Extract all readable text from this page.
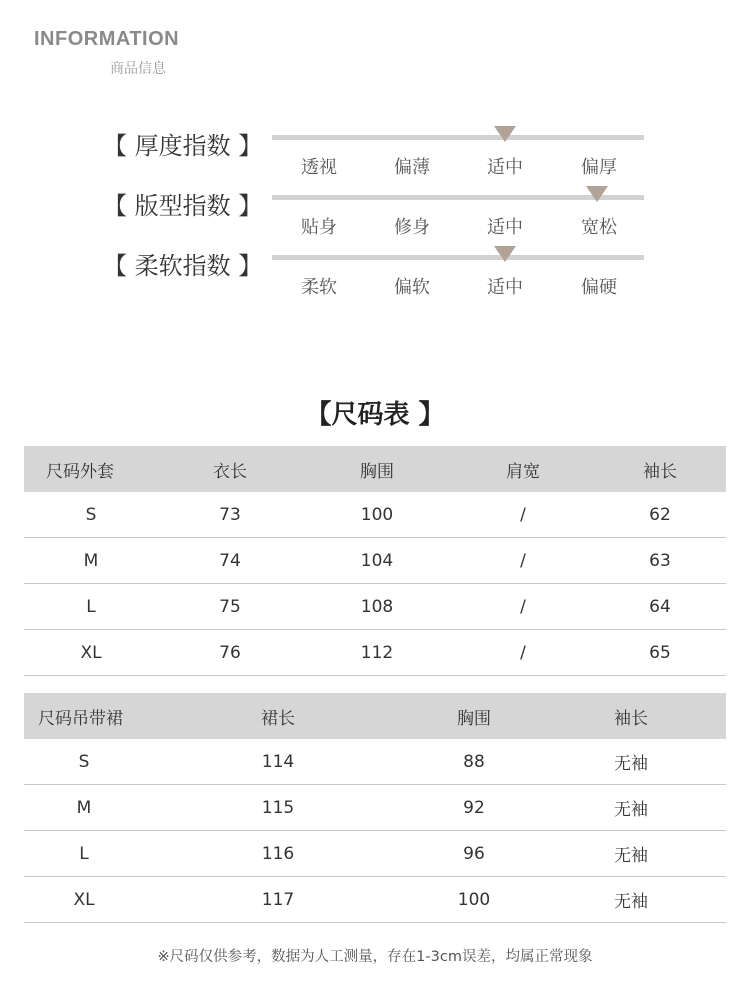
INFORMATION
商品信息
【 厚度指数 】
透视	偏薄	适中	偏厚
【 版型指数 】
贴身	修身	适中	宽松
【 柔软指数 】
柔软	偏软	适中	偏硬
【尺码表 】
尺码外套	衣长	胸围	肩宽	袖长
S	73	100	/	62
M	74	104	/	63
L	75	108	/	64
XL	76	112	/	65
尺码吊带裙	裙长	胸围	袖长
S	114	88	无袖
M	115	92	无袖
L	116	96	无袖
XL	117	100	无袖
※尺码仅供参考，数据为人工测量，存在1-3cm误差，均属正常现象
